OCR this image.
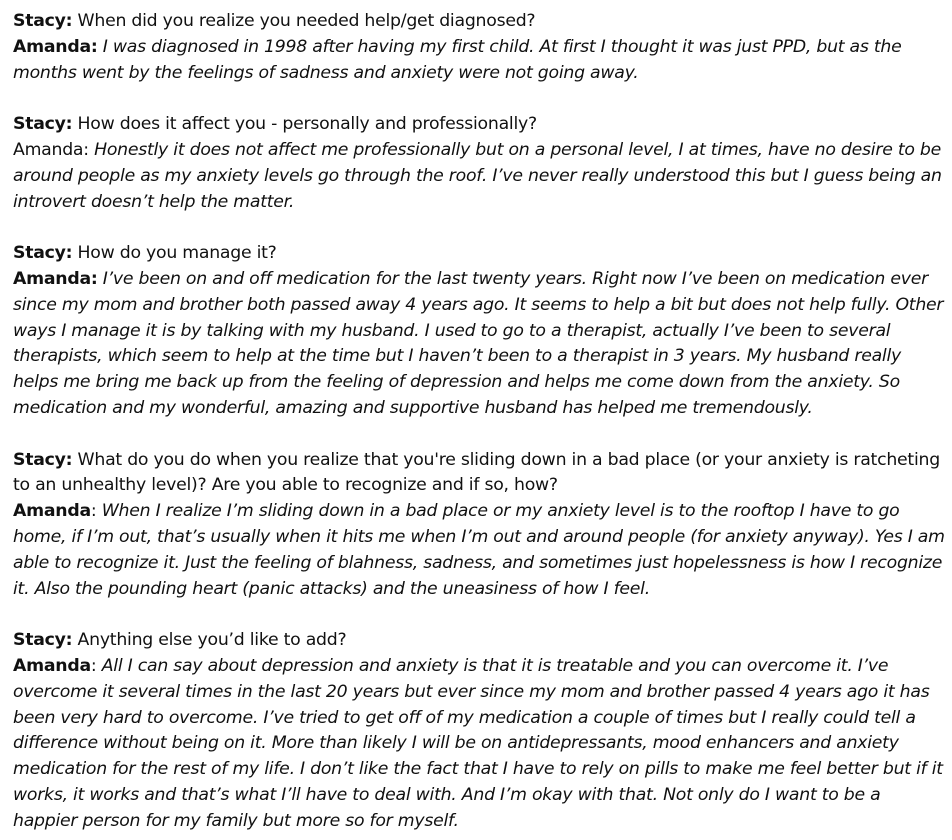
Stacy: When did you realize you needed help/get diagnosed?
Amanda: I was diagnosed in 1998 after having my first child. At first I thought it was just PPD, but as the months went by the feelings of sadness and anxiety were not going away.
Stacy: How does it affect you - personally and professionally?
Amanda: Honestly it does not affect me professionally but on a personal level, I at times, have no desire to be around people as my anxiety levels go through the roof. I’ve never really understood this but I guess being an introvert doesn’t help the matter.
Stacy: How do you manage it?
Amanda: I’ve been on and off medication for the last twenty years. Right now I’ve been on medication ever since my mom and brother both passed away 4 years ago. It seems to help a bit but does not help fully. Other ways I manage it is by talking with my husband. I used to go to a therapist, actually I’ve been to several therapists, which seem to help at the time but I haven’t been to a therapist in 3 years. My husband really helps me bring me back up from the feeling of depression and helps me come down from the anxiety. So medication and my wonderful, amazing and supportive husband has helped me tremendously.
Stacy: What do you do when you realize that you're sliding down in a bad place (or your anxiety is ratcheting to an unhealthy level)? Are you able to recognize and if so, how?
Amanda: When I realize I’m sliding down in a bad place or my anxiety level is to the rooftop I have to go home, if I’m out, that’s usually when it hits me when I’m out and around people (for anxiety anyway). Yes I am able to recognize it. Just the feeling of blahness, sadness, and sometimes just hopelessness is how I recognize it. Also the pounding heart (panic attacks) and the uneasiness of how I feel.
Stacy: Anything else you’d like to add?
Amanda: All I can say about depression and anxiety is that it is treatable and you can overcome it. I’ve overcome it several times in the last 20 years but ever since my mom and brother passed 4 years ago it has been very hard to overcome. I’ve tried to get off of my medication a couple of times but I really could tell a difference without being on it. More than likely I will be on antidepressants, mood enhancers and anxiety medication for the rest of my life. I don’t like the fact that I have to rely on pills to make me feel better but if it works, it works and that’s what I’ll have to deal with. And I’m okay with that. Not only do I want to be a happier person for my family but more so for myself.
